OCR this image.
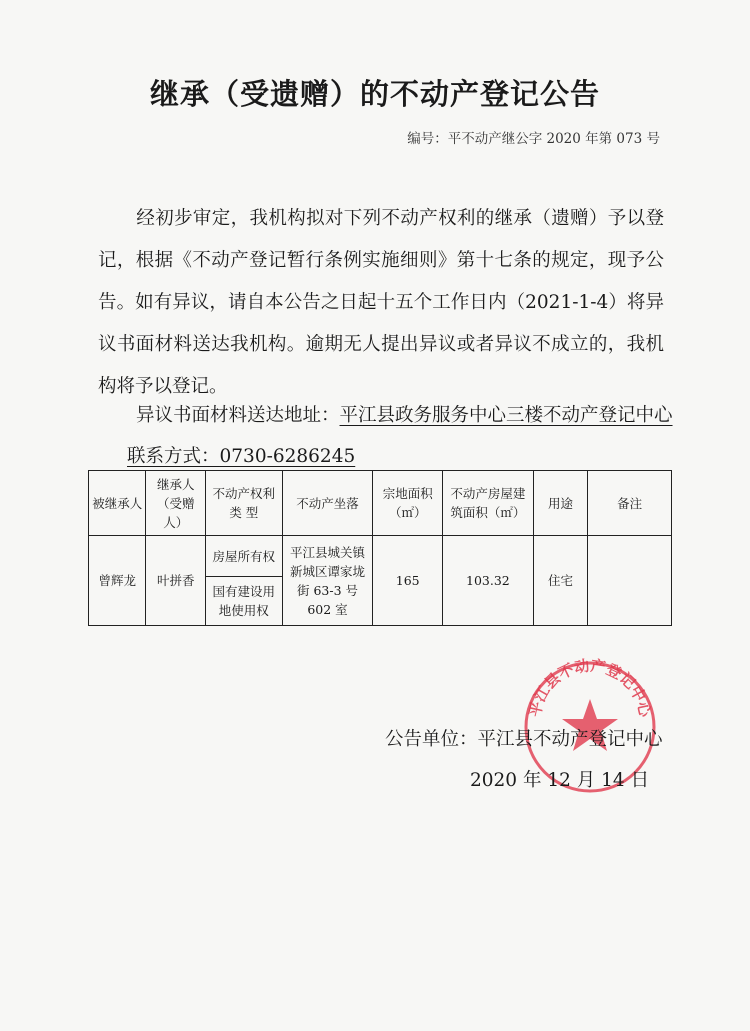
继承（受遗赠）的不动产登记公告
编号：平不动产继公字 2020 年第 073 号
经初步审定，我机构拟对下列不动产权利的继承（遗赠）予以登记，根据《不动产登记暂行条例实施细则》第十七条的规定，现予公告。如有异议，请自本公告之日起十五个工作日内（2021-1-4）将异议书面材料送达我机构。逾期无人提出异议或者异议不成立的，我机构将予以登记。
异议书面材料送达地址：平江县政务服务中心三楼不动产登记中心
联系方式：0730-6286245
被继承人	继承人（受赠人）	不动产权利类 型	不动产坐落	宗地面积（㎡）	不动产房屋建筑面积（㎡）	用途	备注
曾辉龙	叶拼香	房屋所有权	平江县城关镇新城区谭家垅街 63-3 号 602 室	165	103.32	住宅	
		国有建设用地使用权					
平江县不动产登记中心
公告单位：平江县不动产登记中心
2020 年 12 月 14 日
